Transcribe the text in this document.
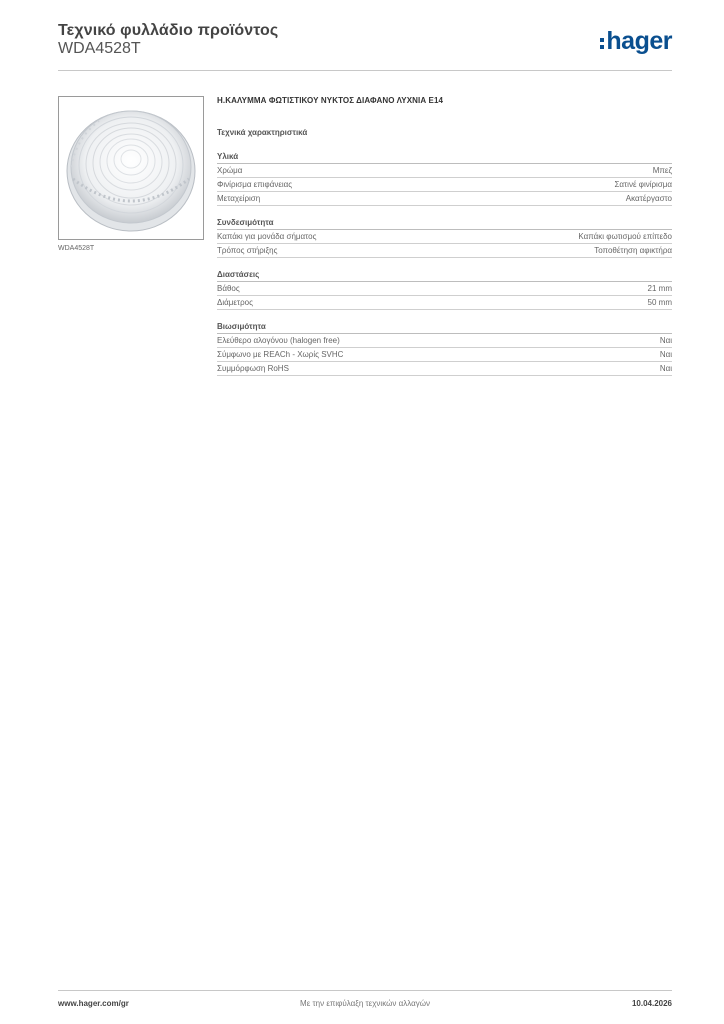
Τεχνικό φυλλάδιο προϊόντος
WDA4528T	hager
WDA4528T
Η.ΚΑΛΥΜΜΑ ΦΩΤΙΣΤΙΚΟΥ ΝΥΚΤΟΣ ΔΙΑΦΑΝΟ ΛΥΧΝΙΑ Ε14
Τεχνικά χαρακτηριστικά
Υλικά
Χρώμα	Μπεζ
Φινίρισμα επιφάνειας	Σατινέ φινίρισμα
Μεταχείριση	Ακατέργαστο
Συνδεσιμότητα
Καπάκι για μονάδα σήματος	Καπάκι φωτισμού επίπεδο
Τρόπος στήριξης	Τοποθέτηση αφικτήρα
Διαστάσεις
Βάθος	21 mm
Διάμετρος	50 mm
Βιωσιμότητα
Ελεύθερο αλογόνου (halogen free)	Ναι
Σύμφωνο με REACh - Χωρίς SVHC	Ναι
Συμμόρφωση RoHS	Ναι
www.hager.com/gr	Με την επιφύλαξη τεχνικών αλλαγών	10.04.2026
